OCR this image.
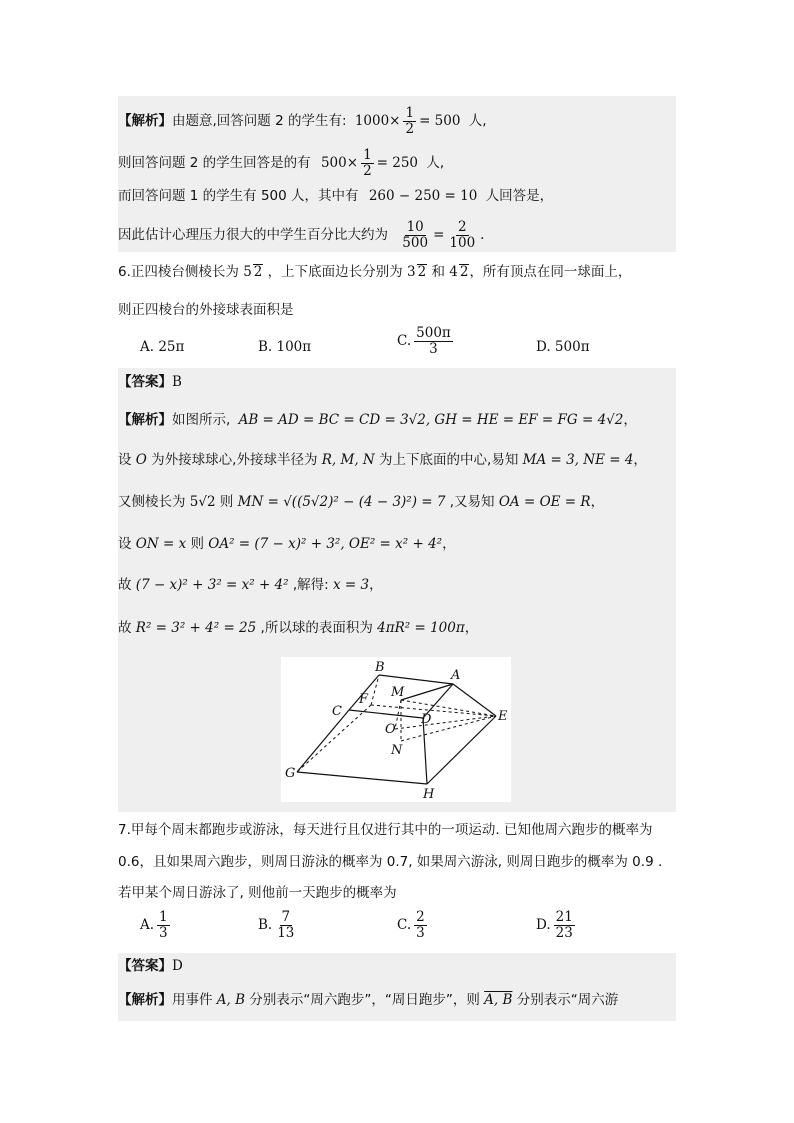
【解析】由题意,回答问题 2 的学生有: $1000\times \frac{1}{2} = 500$ 人,
则回答问题 2 的学生回答是的有 $500\times \frac{1}{2} = 250$ 人,
而回答问题 1 的学生有 500 人，其中有 260 − 250 = 10 人回答是，
因此估计心理压力很大的中学生百分比大约为 $\frac{10}{500} = \frac{2}{100}$ .
6.正四棱台侧棱长为 5 2 ，上下底面边长分别为 3 2 和 4 2，所有顶点在同一球面上，
则正四棱台的外接球表面积是
A. 25π	B. 100π	C. $\frac{500\pi}{3}$	D. 500π
【答案】B
【解析】如图所示, AB = AD = BC = CD = 3√2, GH = HE = EF = FG = 4√2，
设 O 为外接球球心,外接球半径为 R, M, N 为上下底面的中心,易知 MA = 3, NE = 4，
又侧棱长为 5√2 则 MN = √((5√2)² − (4 − 3)²) = 7 ,又易知 OA = OE = R，
设 ON = x 则 OA² = (7 − x)² + 3², OE² = x² + 4²，
故 (7 − x)² + 3² = x² + 4² ,解得: x = 3，
故 R² = 3² + 4² = 25 ,所以球的表面积为 4πR² = 100π，
B
A
M
F
C
D	E
O
N
G
H
7.甲每个周末都跑步或游泳，每天进行且仅进行其中的一项运动. 已知他周六跑步的概率为
0.6，且如果周六跑步，则周日游泳的概率为 0.7, 如果周六游泳, 则周日跑步的概率为 0.9 .
若甲某个周日游泳了, 则他前一天跑步的概率为
A. $\frac{1}{3}$	B. $\frac{7}{13}$	C. $\frac{2}{3}$	D. $\frac{21}{23}$
【答案】D
【解析】用事件 A, B 分别表示“周六跑步”，“周日跑步”，则 A, B 分别表示“周六游
